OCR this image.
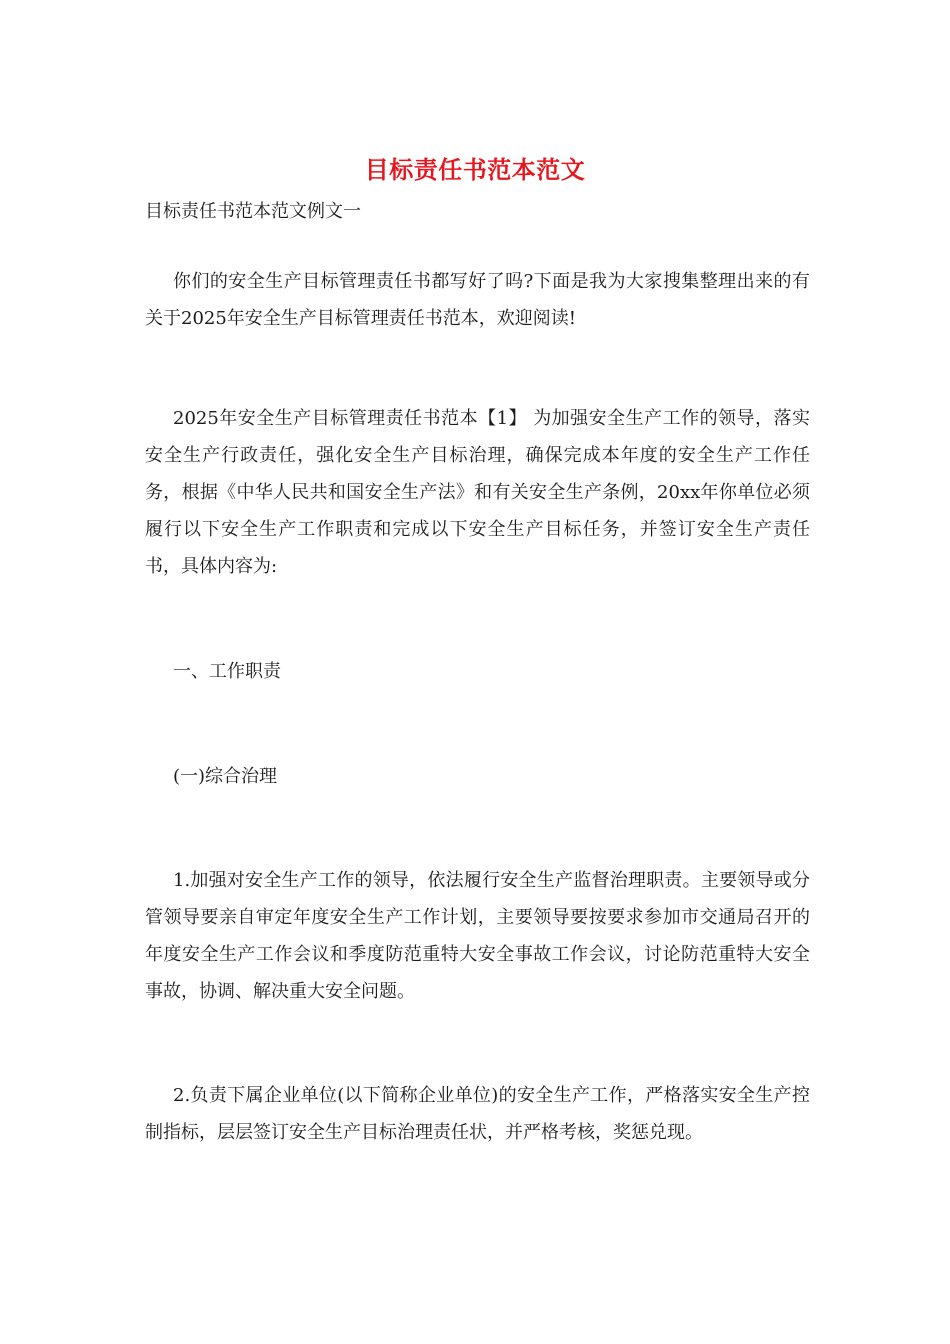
目标责任书范本范文
目标责任书范本范文例文一

你们的安全生产目标管理责任书都写好了吗?下面是我为大家搜集整理出来的有关于2025年安全生产目标管理责任书范本，欢迎阅读!

2025年安全生产目标管理责任书范本【1】 为加强安全生产工作的领导，落实安全生产行政责任，强化安全生产目标治理，确保完成本年度的安全生产工作任务，根据《中华人民共和国安全生产法》和有关安全生产条例，20xx年你单位必须履行以下安全生产工作职责和完成以下安全生产目标任务，并签订安全生产责任书，具体内容为:

一、工作职责

(一)综合治理

1.加强对安全生产工作的领导，依法履行安全生产监督治理职责。主要领导或分管领导要亲自审定年度安全生产工作计划，主要领导要按要求参加市交通局召开的年度安全生产工作会议和季度防范重特大安全事故工作会议，讨论防范重特大安全事故，协调、解决重大安全问题。

2.负责下属企业单位(以下简称企业单位)的安全生产工作，严格落实安全生产控制指标，层层签订安全生产目标治理责任状，并严格考核，奖惩兑现。
